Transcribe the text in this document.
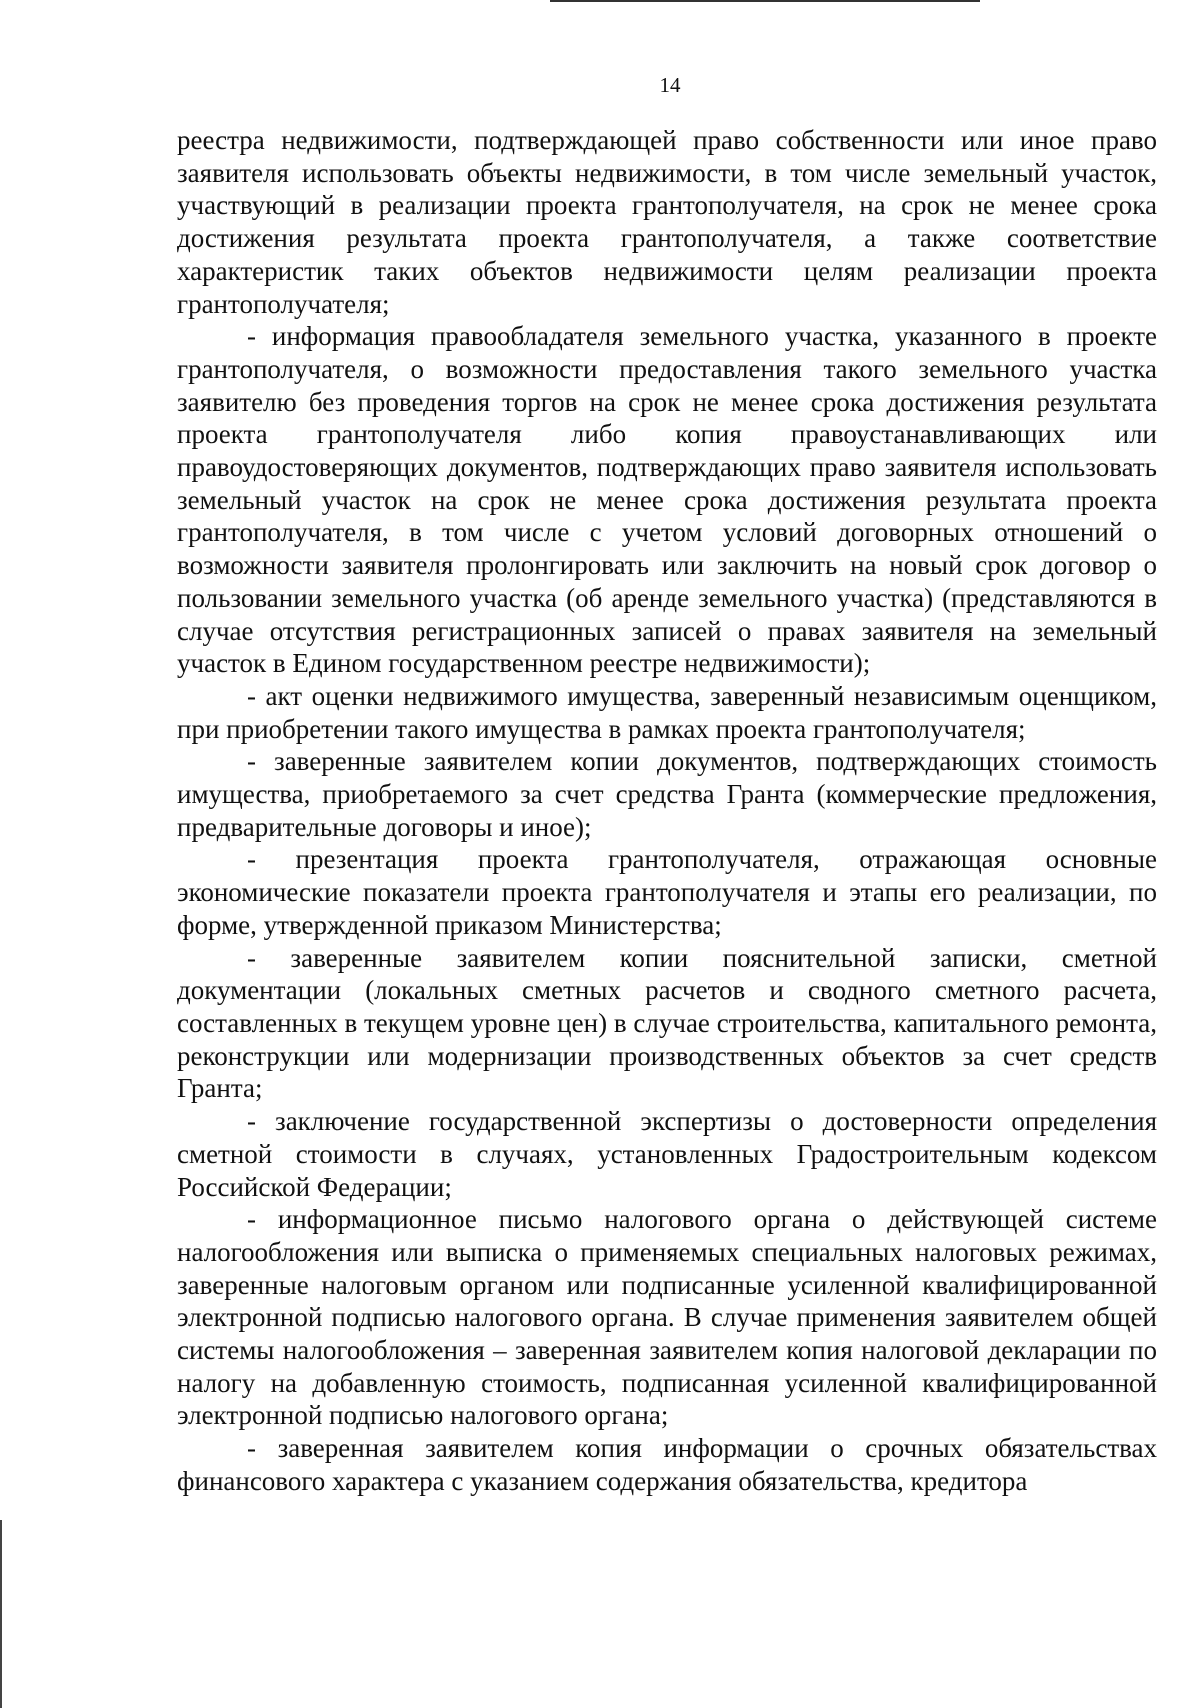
14

реестра недвижимости, подтверждающей право собственности или иное право заявителя использовать объекты недвижимости, в том числе земельный участок, участвующий в реализации проекта грантополучателя, на срок не менее срока достижения результата проекта грантополучателя, а также соответствие характеристик таких объектов недвижимости целям реализации проекта грантополучателя;

- информация правообладателя земельного участка, указанного в проекте грантополучателя, о возможности предоставления такого земельного участка заявителю без проведения торгов на срок не менее срока достижения результата проекта грантополучателя либо копия правоустанавливающих или правоудостоверяющих документов, подтверждающих право заявителя использовать земельный участок на срок не менее срока достижения результата проекта грантополучателя, в том числе с учетом условий договорных отношений о возможности заявителя пролонгировать или заключить на новый срок договор о пользовании земельного участка (об аренде земельного участка) (представляются в случае отсутствия регистрационных записей о правах заявителя на земельный участок в Едином государственном реестре недвижимости);

- акт оценки недвижимого имущества, заверенный независимым оценщиком, при приобретении такого имущества в рамках проекта грантополучателя;

- заверенные заявителем копии документов, подтверждающих стоимость имущества, приобретаемого за счет средства Гранта (коммерческие предложения, предварительные договоры и иное);

- презентация проекта грантополучателя, отражающая основные экономические показатели проекта грантополучателя и этапы его реализации, по форме, утвержденной приказом Министерства;

- заверенные заявителем копии пояснительной записки, сметной документации (локальных сметных расчетов и сводного сметного расчета, составленных в текущем уровне цен) в случае строительства, капитального ремонта, реконструкции или модернизации производственных объектов за счет средств Гранта;

- заключение государственной экспертизы о достоверности определения сметной стоимости в случаях, установленных Градостроительным кодексом Российской Федерации;

- информационное письмо налогового органа о действующей системе налогообложения или выписка о применяемых специальных налоговых режимах, заверенные налоговым органом или подписанные усиленной квалифицированной электронной подписью налогового органа. В случае применения заявителем общей системы налогообложения – заверенная заявителем копия налоговой декларации по налогу на добавленную стоимость, подписанная усиленной квалифицированной электронной подписью налогового органа;

- заверенная заявителем копия информации о срочных обязательствах финансового характера с указанием содержания обязательства, кредитора
